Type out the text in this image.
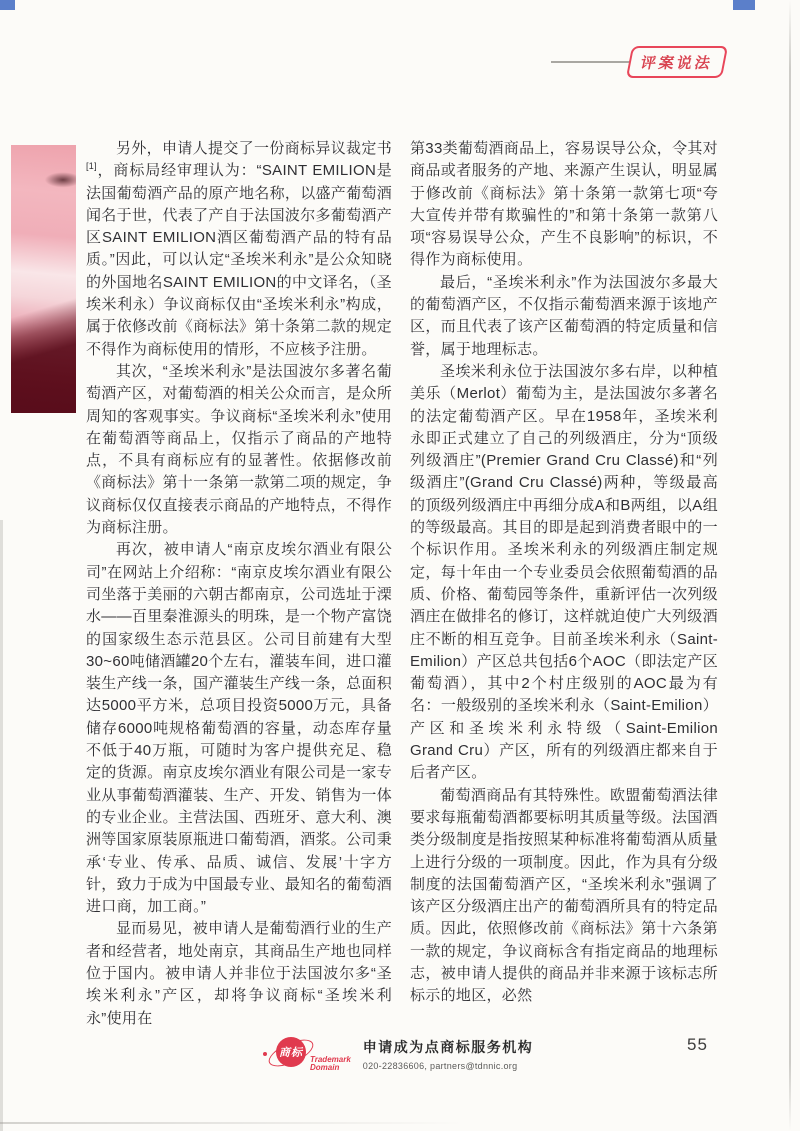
评案说法

另外，申请人提交了一份商标异议裁定书[1]，商标局经审理认为：“SAINT EMILION是法国葡萄酒产品的原产地名称，以盛产葡萄酒闻名于世，代表了产自于法国波尔多葡萄酒产区SAINT EMILION酒区葡萄酒产品的特有品质。”因此，可以认定“圣埃米利永”是公众知晓的外国地名SAINT EMILION的中文译名，（圣埃米利永）争议商标仅由“圣埃米利永”构成，属于依修改前《商标法》第十条第二款的规定不得作为商标使用的情形，不应核予注册。

其次，“圣埃米利永”是法国波尔多著名葡萄酒产区，对葡萄酒的相关公众而言，是众所周知的客观事实。争议商标“圣埃米利永”使用在葡萄酒等商品上，仅指示了商品的产地特点，不具有商标应有的显著性。依据修改前《商标法》第十一条第一款第二项的规定，争议商标仅仅直接表示商品的产地特点，不得作为商标注册。

再次，被申请人“南京皮埃尔酒业有限公司”在网站上介绍称：“南京皮埃尔酒业有限公司坐落于美丽的六朝古都南京，公司选址于溧水——百里秦淮源头的明珠，是一个物产富饶的国家级生态示范县区。公司目前建有大型30~60吨储酒罐20个左右，灌装车间，进口灌装生产线一条，国产灌装生产线一条，总面积达5000平方米，总项目投资5000万元，具备储存6000吨规格葡萄酒的容量，动态库存量不低于40万瓶，可随时为客户提供充足、稳定的货源。南京皮埃尔酒业有限公司是一家专业从事葡萄酒灌装、生产、开发、销售为一体的专业企业。主营法国、西班牙、意大利、澳洲等国家原装原瓶进口葡萄酒，酒浆。公司秉承‘专业、传承、品质、诚信、发展’十字方针，致力于成为中国最专业、最知名的葡萄酒进口商，加工商。”

显而易见，被申请人是葡萄酒行业的生产者和经营者，地处南京，其商品生产地也同样位于国内。被申请人并非位于法国波尔多“圣埃米利永”产区，却将争议商标“圣埃米利永”使用在

第33类葡萄酒商品上，容易误导公众，令其对商品或者服务的产地、来源产生误认，明显属于修改前《商标法》第十条第一款第七项“夸大宣传并带有欺骗性的”和第十条第一款第八项“容易误导公众，产生不良影响”的标识，不得作为商标使用。

最后，“圣埃米利永”作为法国波尔多最大的葡萄酒产区，不仅指示葡萄酒来源于该地产区，而且代表了该产区葡萄酒的特定质量和信誉，属于地理标志。

圣埃米利永位于法国波尔多右岸，以种植美乐（Merlot）葡萄为主，是法国波尔多著名的法定葡萄酒产区。早在1958年，圣埃米利永即正式建立了自己的列级酒庄，分为“顶级列级酒庄”(Premier Grand Cru Classé)和“列级酒庄”(Grand Cru Classé)两种，等级最高的顶级列级酒庄中再细分成A和B两组，以A组的等级最高。其目的即是起到消费者眼中的一个标识作用。圣埃米利永的列级酒庄制定规定，每十年由一个专业委员会依照葡萄酒的品质、价格、葡萄园等条件，重新评估一次列级酒庄在做排名的修订，这样就迫使广大列级酒庄不断的相互竞争。目前圣埃米利永（Saint-Emilion）产区总共包括6个AOC（即法定产区葡萄酒），其中2个村庄级别的AOC最为有名：一般级别的圣埃米利永（Saint-Emilion）产区和圣埃米利永特级（Saint-Emilion Grand Cru）产区，所有的列级酒庄都来自于后者产区。

葡萄酒商品有其特殊性。欧盟葡萄酒法律要求每瓶葡萄酒都要标明其质量等级。法国酒类分级制度是指按照某种标准将葡萄酒从质量上进行分级的一项制度。因此，作为具有分级制度的法国葡萄酒产区，“圣埃米利永”强调了该产区分级酒庄出产的葡萄酒所具有的特定品质。因此，依照修改前《商标法》第十六条第一款的规定，争议商标含有指定商品的地理标志，被申请人提供的商品并非来源于该标志所标示的地区，必然

商标
Trademark
Domain
申请成为点商标服务机构
020-22836606, partners@tdnnic.org
55
